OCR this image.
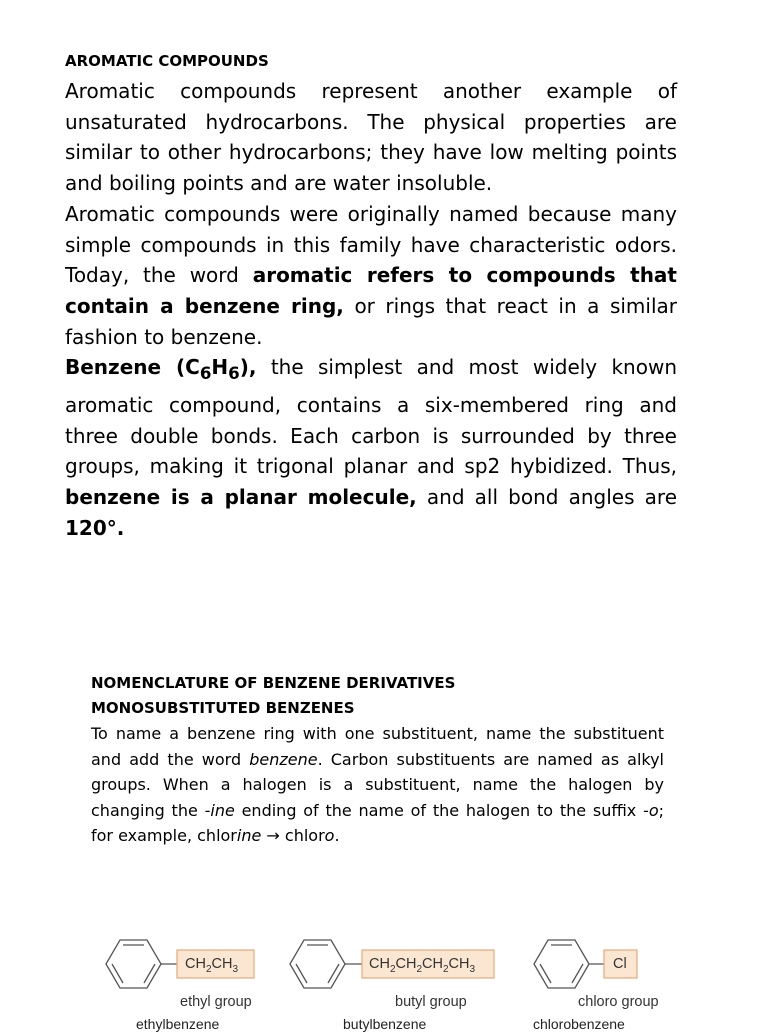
AROMATIC COMPOUNDS

Aromatic compounds represent another example of unsaturated hydrocarbons. The physical properties are similar to other hydrocarbons; they have low melting points and boiling points and are water insoluble.

Aromatic compounds were originally named because many simple compounds in this family have characteristic odors. Today, the word aromatic refers to compounds that contain a benzene ring, or rings that react in a similar fashion to benzene.

Benzene $(C_6H_6)$, the simplest and most widely known aromatic compound, contains a six-membered ring and three double bonds. Each carbon is surrounded by three groups, making it trigonal planar and sp2 hybidized. Thus, benzene is a planar molecule, and all bond angles are 120°.

NOMENCLATURE OF BENZENE DERIVATIVES
MONOSUBSTITUTED BENZENES

To name a benzene ring with one substituent, name the substituent and add the word benzene. Carbon substituents are named as alkyl groups. When a halogen is a substituent, name the halogen by changing the -ine ending of the name of the halogen to the suffix -o; for example, chlorine → chloro.

$CH_2CH_3$	$CH_2CH_2CH_2CH_3$	Cl
ethyl group	butyl group	chloro group
ethylbenzene	butylbenzene	chlorobenzene
